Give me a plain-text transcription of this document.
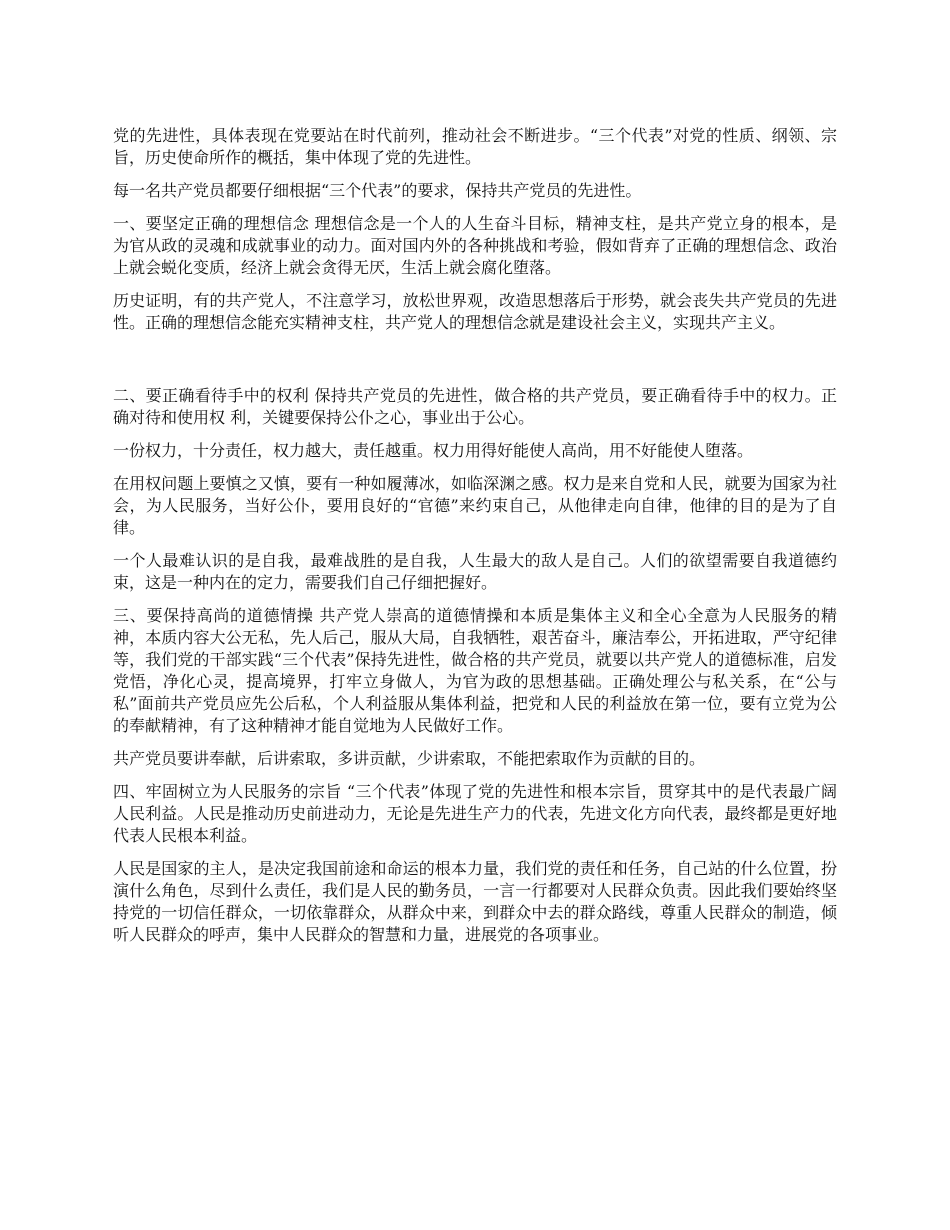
党的先进性，具体表现在党要站在时代前列，推动社会不断进步。“三个代表”对党的性质、纲领、宗旨，历史使命所作的概括，集中体现了党的先进性。

每一名共产党员都要仔细根据“三个代表”的要求，保持共产党员的先进性。

一、要坚定正确的理想信念 理想信念是一个人的人生奋斗目标，精神支柱，是共产党立身的根本，是为官从政的灵魂和成就事业的动力。面对国内外的各种挑战和考验，假如背弃了正确的理想信念、政治上就会蜕化变质，经济上就会贪得无厌，生活上就会腐化堕落。

历史证明，有的共产党人，不注意学习，放松世界观，改造思想落后于形势，就会丧失共产党员的先进性。正确的理想信念能充实精神支柱，共产党人的理想信念就是建设社会主义，实现共产主义。

二、要正确看待手中的权利 保持共产党员的先进性，做合格的共产党员，要正确看待手中的权力。正确对待和使用权 利，关键要保持公仆之心，事业出于公心。

一份权力，十分责任，权力越大，责任越重。权力用得好能使人高尚，用不好能使人堕落。

在用权问题上要慎之又慎，要有一种如履薄冰，如临深渊之感。权力是来自党和人民，就要为国家为社会，为人民服务，当好公仆，要用良好的“官德”来约束自己，从他律走向自律，他律的目的是为了自律。

一个人最难认识的是自我，最难战胜的是自我，人生最大的敌人是自己。人们的欲望需要自我道德约束，这是一种内在的定力，需要我们自己仔细把握好。

三、要保持高尚的道德情操 共产党人崇高的道德情操和本质是集体主义和全心全意为人民服务的精神，本质内容大公无私，先人后己，服从大局，自我牺牲，艰苦奋斗，廉洁奉公，开拓进取，严守纪律等，我们党的干部实践“三个代表”保持先进性，做合格的共产党员，就要以共产党人的道德标准，启发党悟，净化心灵，提高境界，打牢立身做人，为官为政的思想基础。正确处理公与私关系，在“公与私”面前共产党员应先公后私，个人利益服从集体利益，把党和人民的利益放在第一位，要有立党为公的奉献精神，有了这种精神才能自觉地为人民做好工作。

共产党员要讲奉献，后讲索取，多讲贡献，少讲索取，不能把索取作为贡献的目的。

四、牢固树立为人民服务的宗旨 “三个代表”体现了党的先进性和根本宗旨，贯穿其中的是代表最广阔人民利益。人民是推动历史前进动力，无论是先进生产力的代表，先进文化方向代表，最终都是更好地代表人民根本利益。

人民是国家的主人，是决定我国前途和命运的根本力量，我们党的责任和任务，自己站的什么位置，扮演什么角色，尽到什么责任，我们是人民的勤务员，一言一行都要对人民群众负责。因此我们要始终坚持党的一切信任群众，一切依靠群众，从群众中来，到群众中去的群众路线，尊重人民群众的制造，倾听人民群众的呼声，集中人民群众的智慧和力量，进展党的各项事业。
